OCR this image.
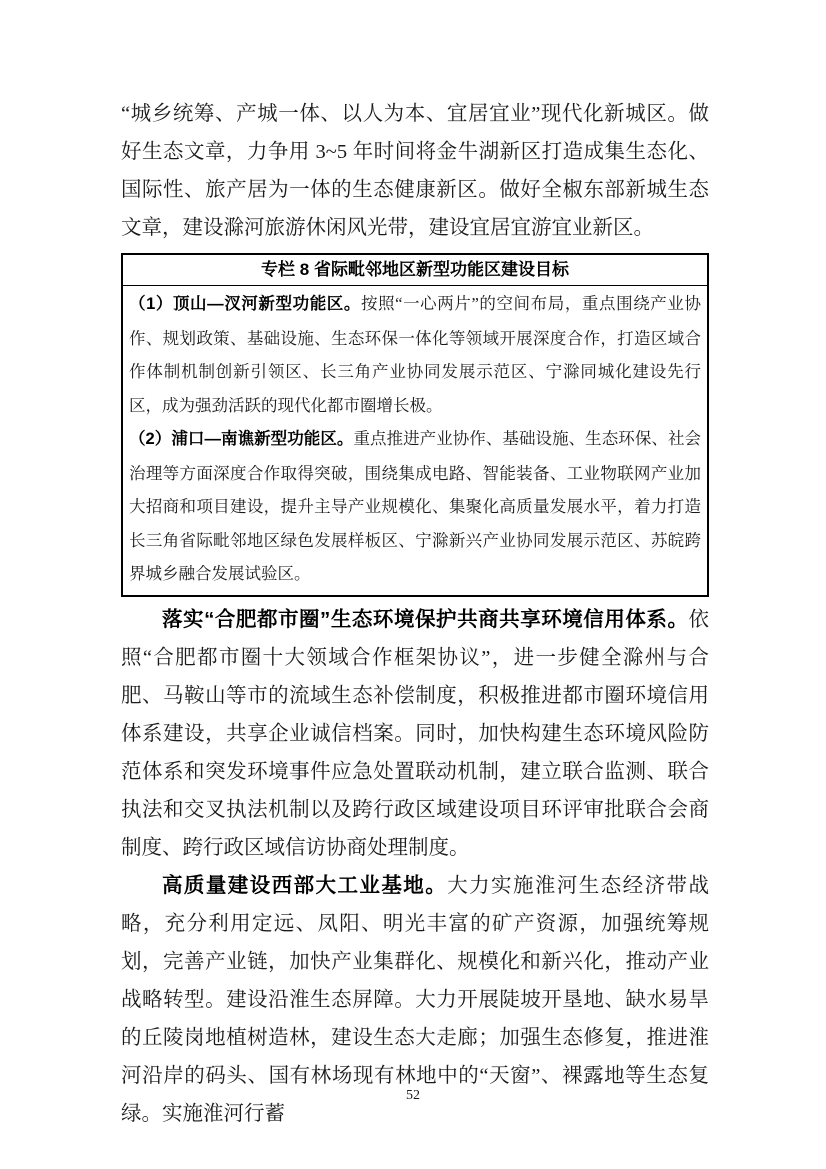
“城乡统筹、产城一体、以人为本、宜居宜业”现代化新城区。做好生态文章，力争用 3~5 年时间将金牛湖新区打造成集生态化、国际性、旅产居为一体的生态健康新区。做好全椒东部新城生态文章，建设滁河旅游休闲风光带，建设宜居宜游宜业新区。

专栏 8 省际毗邻地区新型功能区建设目标

（1）顶山—汊河新型功能区。按照“一心两片”的空间布局，重点围绕产业协作、规划政策、基础设施、生态环保一体化等领域开展深度合作，打造区域合作体制机制创新引领区、长三角产业协同发展示范区、宁滁同城化建设先行区，成为强劲活跃的现代化都市圈增长极。

（2）浦口—南谯新型功能区。重点推进产业协作、基础设施、生态环保、社会治理等方面深度合作取得突破，围绕集成电路、智能装备、工业物联网产业加大招商和项目建设，提升主导产业规模化、集聚化高质量发展水平，着力打造长三角省际毗邻地区绿色发展样板区、宁滁新兴产业协同发展示范区、苏皖跨界城乡融合发展试验区。

落实“合肥都市圈”生态环境保护共商共享环境信用体系。依照“合肥都市圈十大领域合作框架协议”，进一步健全滁州与合肥、马鞍山等市的流域生态补偿制度，积极推进都市圈环境信用体系建设，共享企业诚信档案。同时，加快构建生态环境风险防范体系和突发环境事件应急处置联动机制，建立联合监测、联合执法和交叉执法机制以及跨行政区域建设项目环评审批联合会商制度、跨行政区域信访协商处理制度。

高质量建设西部大工业基地。大力实施淮河生态经济带战略，充分利用定远、凤阳、明光丰富的矿产资源，加强统筹规划，完善产业链，加快产业集群化、规模化和新兴化，推动产业战略转型。建设沿淮生态屏障。大力开展陡坡开垦地、缺水易旱的丘陵岗地植树造林，建设生态大走廊；加强生态修复，推进淮河沿岸的码头、国有林场现有林地中的“天窗”、裸露地等生态复绿。实施淮河行蓄

52
